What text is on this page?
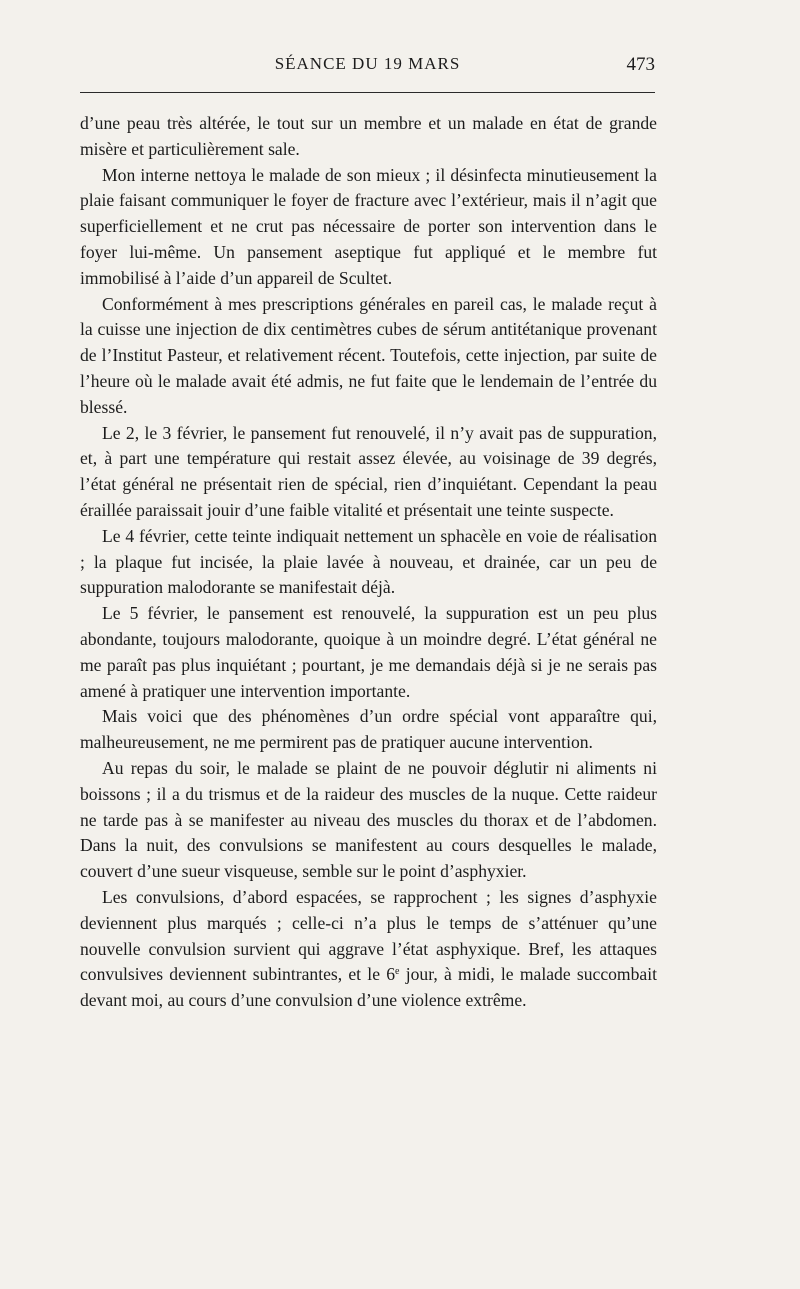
SÉANCE DU 19 MARS	473

d’une peau très altérée, le tout sur un membre et un malade en état de grande misère et particulièrement sale.

Mon interne nettoya le malade de son mieux ; il désinfecta minutieusement la plaie faisant communiquer le foyer de fracture avec l’extérieur, mais il n’agit que superficiellement et ne crut pas nécessaire de porter son intervention dans le foyer lui-même. Un pansement aseptique fut appliqué et le membre fut immobilisé à l’aide d’un appareil de Scultet.

Conformément à mes prescriptions générales en pareil cas, le malade reçut à la cuisse une injection de dix centimètres cubes de sérum antitétanique provenant de l’Institut Pasteur, et relativement récent. Toutefois, cette injection, par suite de l’heure où le malade avait été admis, ne fut faite que le lendemain de l’entrée du blessé.

Le 2, le 3 février, le pansement fut renouvelé, il n’y avait pas de suppuration, et, à part une température qui restait assez élevée, au voisinage de 39 degrés, l’état général ne présentait rien de spécial, rien d’inquiétant. Cependant la peau éraillée paraissait jouir d’une faible vitalité et présentait une teinte suspecte.

Le 4 février, cette teinte indiquait nettement un sphacèle en voie de réalisation ; la plaque fut incisée, la plaie lavée à nouveau, et drainée, car un peu de suppuration malodorante se manifestait déjà.

Le 5 février, le pansement est renouvelé, la suppuration est un peu plus abondante, toujours malodorante, quoique à un moindre degré. L’état général ne me paraît pas plus inquiétant ; pourtant, je me demandais déjà si je ne serais pas amené à pratiquer une intervention importante.

Mais voici que des phénomènes d’un ordre spécial vont apparaître qui, malheureusement, ne me permirent pas de pratiquer aucune intervention.

Au repas du soir, le malade se plaint de ne pouvoir déglutir ni aliments ni boissons ; il a du trismus et de la raideur des muscles de la nuque. Cette raideur ne tarde pas à se manifester au niveau des muscles du thorax et de l’abdomen. Dans la nuit, des convulsions se manifestent au cours desquelles le malade, couvert d’une sueur visqueuse, semble sur le point d’asphyxier.

Les convulsions, d’abord espacées, se rapprochent ; les signes d’asphyxie deviennent plus marqués ; celle-ci n’a plus le temps de s’atténuer qu’une nouvelle convulsion survient qui aggrave l’état asphyxique. Bref, les attaques convulsives deviennent subintrantes, et le 6e jour, à midi, le malade succombait devant moi, au cours d’une convulsion d’une violence extrême.
